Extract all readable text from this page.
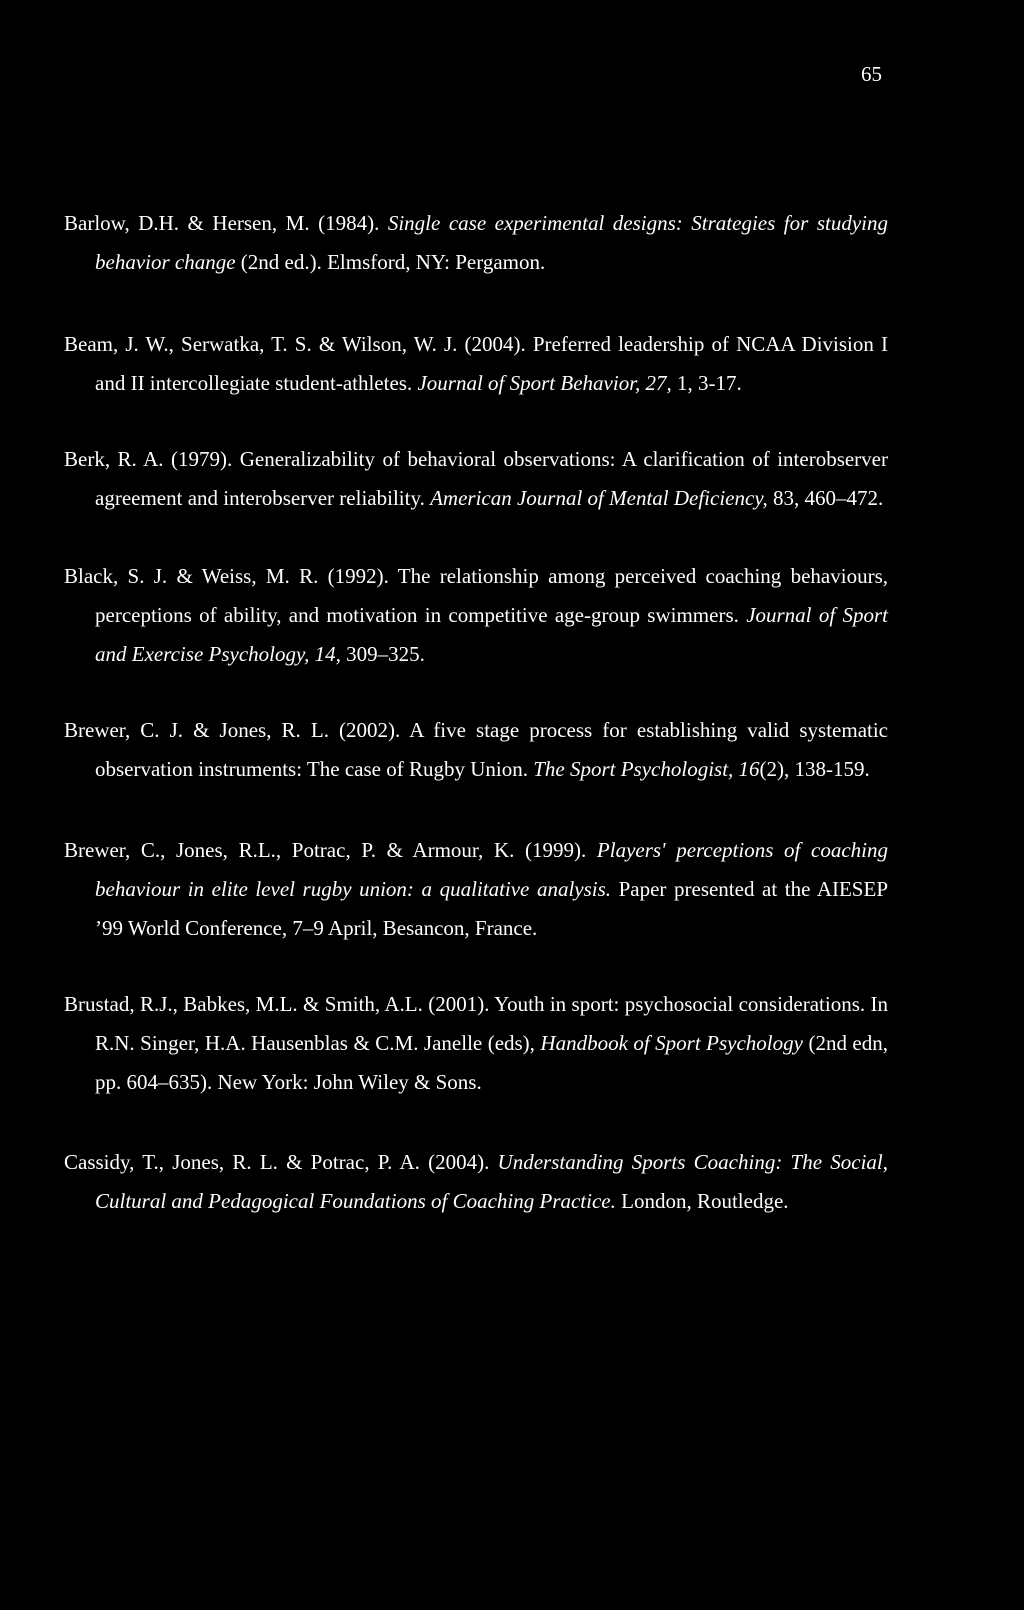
65

Barlow, D.H. & Hersen, M. (1984). Single case experimental designs: Strategies for studying behavior change (2nd ed.). Elmsford, NY: Pergamon.

Beam, J. W., Serwatka, T. S. & Wilson, W. J. (2004). Preferred leadership of NCAA Division I and II intercollegiate student-athletes. Journal of Sport Behavior, 27, 1, 3-17.

Berk, R. A. (1979). Generalizability of behavioral observations: A clarification of interobserver agreement and interobserver reliability. American Journal of Mental Deficiency, 83, 460–472.

Black, S. J. & Weiss, M. R. (1992). The relationship among perceived coaching behaviours, perceptions of ability, and motivation in competitive age-group swimmers. Journal of Sport and Exercise Psychology, 14, 309–325.

Brewer, C. J. & Jones, R. L. (2002). A five stage process for establishing valid systematic observation instruments: The case of Rugby Union. The Sport Psychologist, 16(2), 138-159.

Brewer, C., Jones, R.L., Potrac, P. & Armour, K. (1999). Players' perceptions of coaching behaviour in elite level rugby union: a qualitative analysis. Paper presented at the AIESEP ’99 World Conference, 7–9 April, Besancon, France.

Brustad, R.J., Babkes, M.L. & Smith, A.L. (2001). Youth in sport: psychosocial considerations. In R.N. Singer, H.A. Hausenblas & C.M. Janelle (eds), Handbook of Sport Psychology (2nd edn, pp. 604–635). New York: John Wiley & Sons.

Cassidy, T., Jones, R. L. & Potrac, P. A. (2004). Understanding Sports Coaching: The Social, Cultural and Pedagogical Foundations of Coaching Practice. London, Routledge.
